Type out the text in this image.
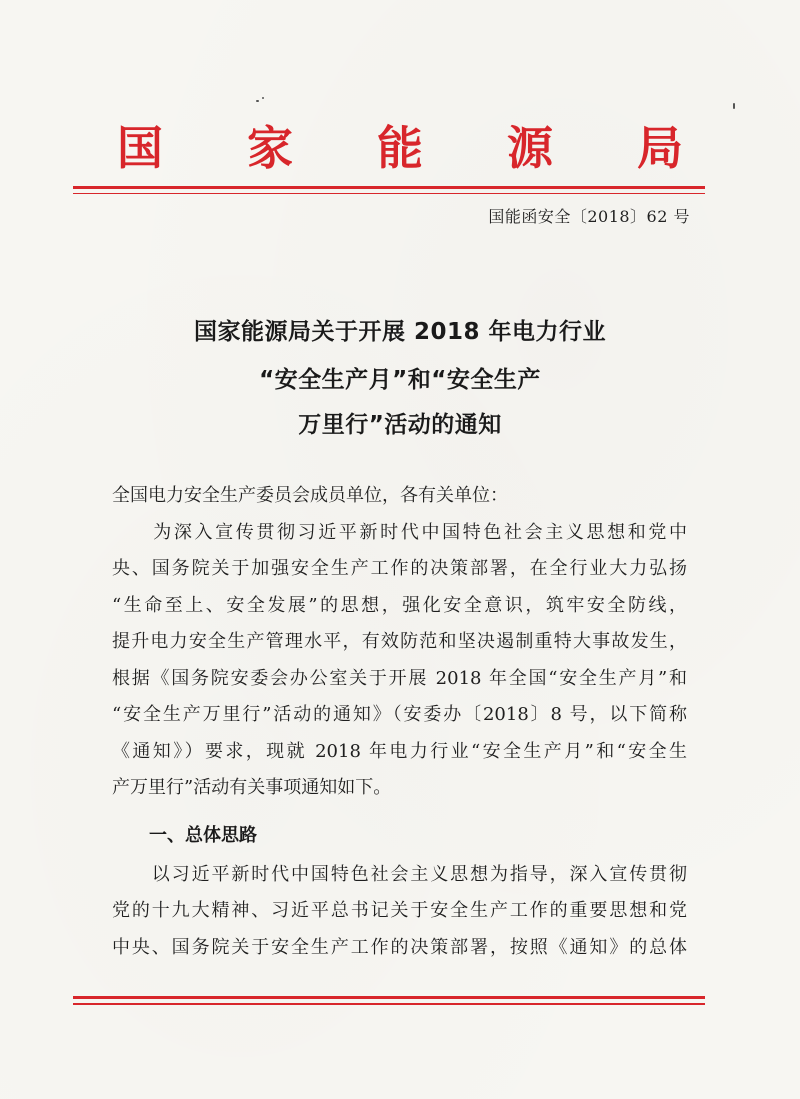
国 家 能 源 局
国能函安全〔2018〕62 号
国家能源局关于开展 2018 年电力行业
“安全生产月”和“安全生产
万里行”活动的通知
全国电力安全生产委员会成员单位，各有关单位：
　　为深入宣传贯彻习近平新时代中国特色社会主义思想和党中
央、国务院关于加强安全生产工作的决策部署，在全行业大力弘扬
“生命至上、安全发展”的思想，强化安全意识，筑牢安全防线，
提升电力安全生产管理水平，有效防范和坚决遏制重特大事故发生，
根据《国务院安委会办公室关于开展 2018 年全国“安全生产月”和
“安全生产万里行”活动的通知》（安委办〔2018〕8 号，以下简称
《通知》）要求，现就 2018 年电力行业“安全生产月”和“安全生
产万里行”活动有关事项通知如下。
一、总体思路
　　以习近平新时代中国特色社会主义思想为指导，深入宣传贯彻
党的十九大精神、习近平总书记关于安全生产工作的重要思想和党
中央、国务院关于安全生产工作的决策部署，按照《通知》的总体
